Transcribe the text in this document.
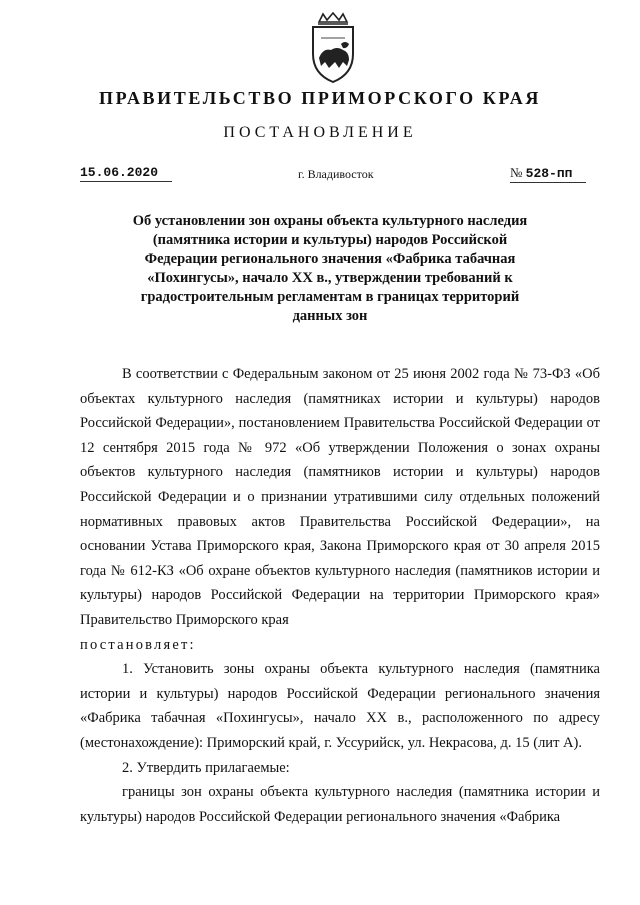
ПРАВИТЕЛЬСТВО ПРИМОРСКОГО КРАЯ
ПОСТАНОВЛЕНИЕ
15.06.2020	г. Владивосток	№ 528-пп
Об установлении зон охраны объекта культурного наследия (памятника истории и культуры) народов Российской Федерации регионального значения «Фабрика табачная «Похингусы», начало XX в., утверждении требований к градостроительным регламентам в границах территорий данных зон

В соответствии с Федеральным законом от 25 июня 2002 года № 73-ФЗ «Об объектах культурного наследия (памятниках истории и культуры) народов Российской Федерации», постановлением Правительства Российской Федерации от 12 сентября 2015 года № 972 «Об утверждении Положения о зонах охраны объектов культурного наследия (памятников истории и культуры) народов Российской Федерации и о признании утратившими силу отдельных положений нормативных правовых актов Правительства Российской Федерации», на основании Устава Приморского края, Закона Приморского края от 30 апреля 2015 года № 612-КЗ «Об охране объектов культурного наследия (памятников истории и культуры) народов Российской Федерации на территории Приморского края» Правительство Приморского края

постановляет:

1. Установить зоны охраны объекта культурного наследия (памятника истории и культуры) народов Российской Федерации регионального значения «Фабрика табачная «Похингусы», начало XX в., расположенного по адресу (местонахождение): Приморский край, г. Уссурийск, ул. Некрасова, д. 15 (лит А).

2. Утвердить прилагаемые:

границы зон охраны объекта культурного наследия (памятника истории и культуры) народов Российской Федерации регионального значения «Фабрика
